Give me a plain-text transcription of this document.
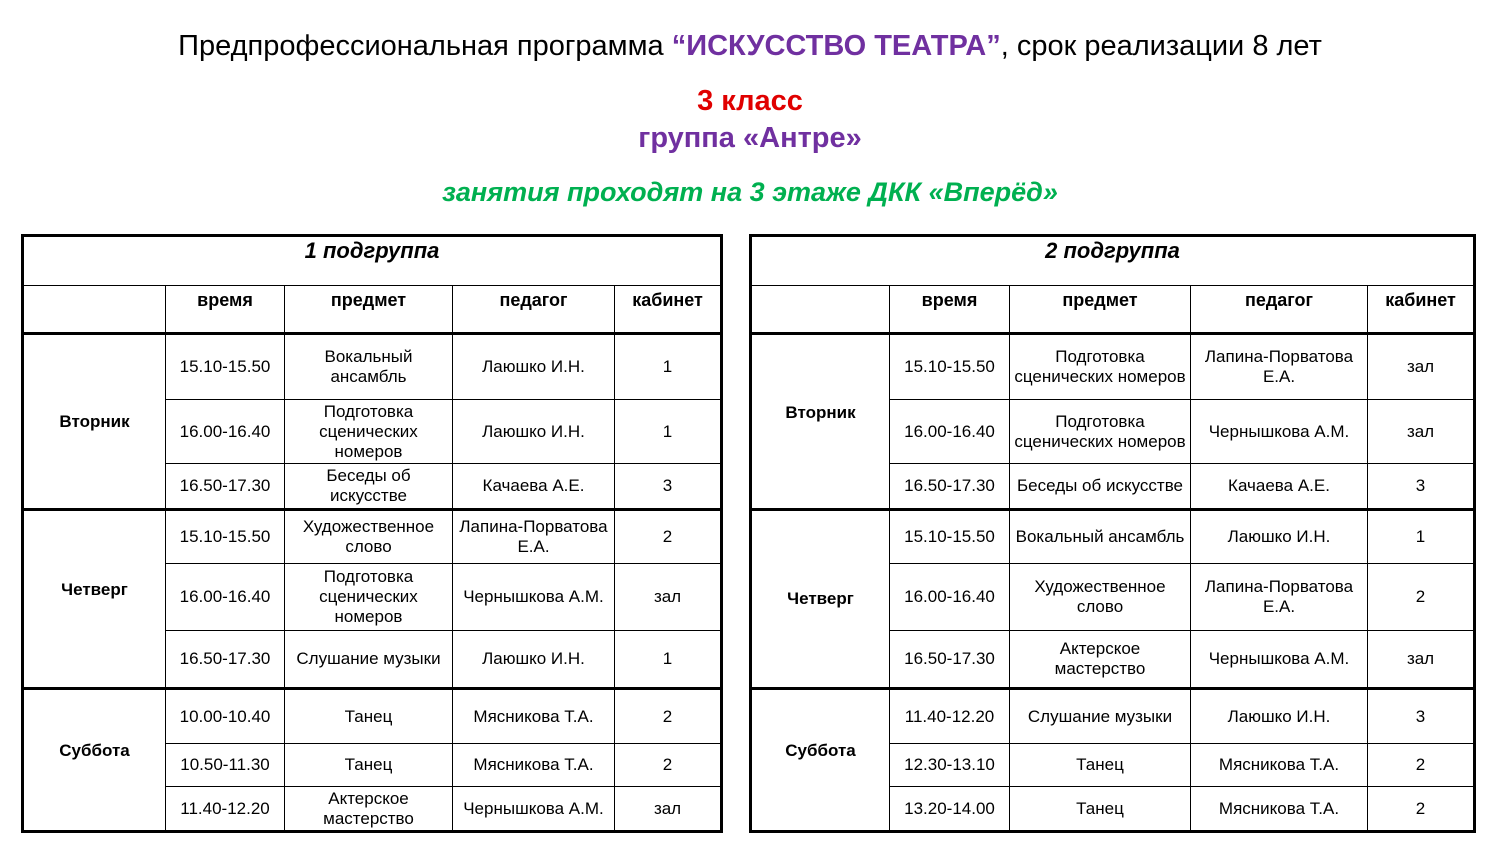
Предпрофессиональная программа “ИСКУССТВО ТЕАТРА”, срок реализации 8 лет
3 класс
группа «Антре»
занятия проходят на 3 этаже ДКК «Вперёд»
1 подгруппа				
	время	предмет	педагог	кабинет
Вторник	15.10-15.50	Вокальный ансамбль	Лаюшко И.Н.	1
	16.00-16.40	Подготовка сценических номеров	Лаюшко И.Н.	1
	16.50-17.30	Беседы об искусстве	Качаева А.Е.	3
Четверг	15.10-15.50	Художественное слово	Лапина-Порватова Е.А.	2
	16.00-16.40	Подготовка сценических номеров	Чернышкова А.М.	зал
	16.50-17.30	Слушание музыки	Лаюшко И.Н.	1
Суббота	10.00-10.40	Танец	Мясникова Т.А.	2
	10.50-11.30	Танец	Мясникова Т.А.	2
	11.40-12.20	Актерское мастерство	Чернышкова А.М.	зал
2 подгруппа				
	время	предмет	педагог	кабинет
Вторник	15.10-15.50	Подготовка сценических номеров	Лапина-Порватова Е.А.	зал
	16.00-16.40	Подготовка сценических номеров	Чернышкова А.М.	зал
	16.50-17.30	Беседы об искусстве	Качаева А.Е.	3
Четверг	15.10-15.50	Вокальный ансамбль	Лаюшко И.Н.	1
	16.00-16.40	Художественное слово	Лапина-Порватова Е.А.	2
	16.50-17.30	Актерское мастерство	Чернышкова А.М.	зал
Суббота	11.40-12.20	Слушание музыки	Лаюшко И.Н.	3
	12.30-13.10	Танец	Мясникова Т.А.	2
	13.20-14.00	Танец	Мясникова Т.А.	2
